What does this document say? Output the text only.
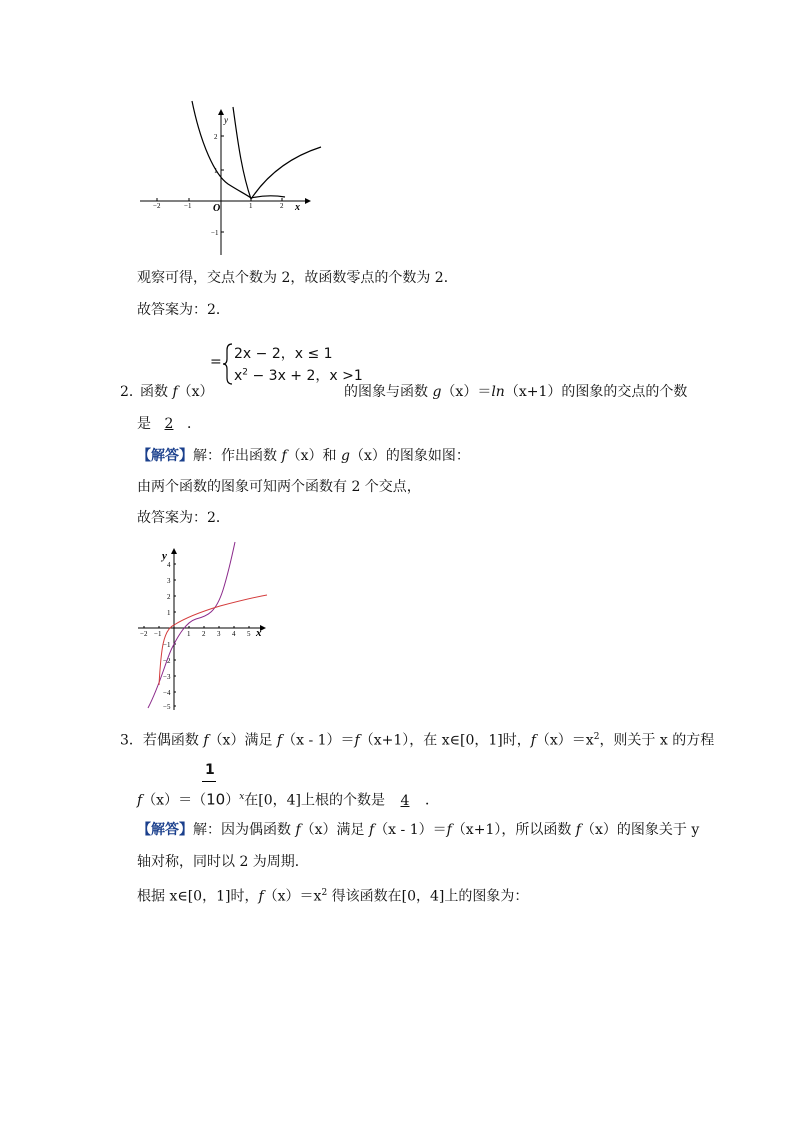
−2	−1	1	2
2
1
−1
O	x
y
观察可得，交点个数为 2，故函数零点的个数为 2．
故答案为：2．
= 2x − 2，x ≤ 1
$x^2 - 3x + 2$，x >1
2．
函数 f（x）	的图象与函数 g（x）＝ln（x+1）的图象的交点的个数
是2．
【解答】解：作出函数 f（x）和 g（x）的图象如图：
由两个函数的图象可知两个函数有 2 个交点，
故答案为：2．
−2 −1	1 2 3 4 5
4
3
2
1
−1
−2
−3
−4
−5
y
x
3．若偶函数 f（x）满足 f（x - 1）＝f（x+1），在 x∈[0，1]时，$f(x)=x^2$，则关于 x 的方程
1
$f(x)=(10)^x$在[0，4]上根的个数是4．
【解答】解：因为偶函数 f（x）满足 f（x - 1）＝f（x+1），所以函数 f（x）的图象关于 y
轴对称，同时以 2 为周期．
根据 x∈[0，1]时，$f(x)=x^2$ 得该函数在[0，4]上的图象为：
